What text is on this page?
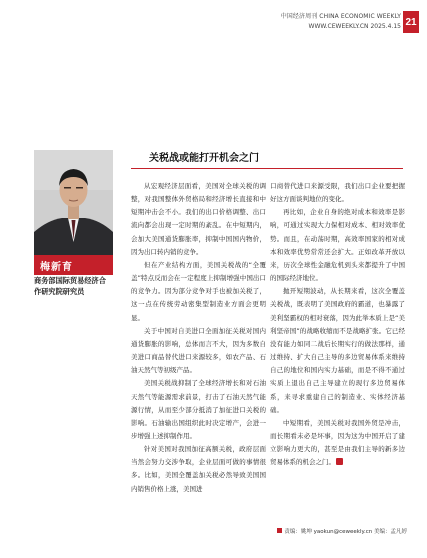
中国经济周刊 CHINA ECONOMIC WEEKLY
WWW.CEWEEKLY.CN 2025.4.15 21
梅新育
商务部国际贸易经济合作研究院研究员
关税战或能打开机会之门

从宏观经济层面看，美国对全球关税的调整，对我国整体外贸格局和经济增长直接和中短期冲击会不小。我们的出口价格调整、出口流向都会出现一定时期的紊乱。在中短期内，会加大美国通货膨胀率，抑制中国国内物价，因为出口转内销的竞争。

但在产业结构方面，美国关税战的“全覆盖”特点反而会在一定程度上抑制增强中国出口的竞争力。因为部分竞争对手也被加关税了，这一点在传统劳动密集型制造业方面会更明显。

关于中国对自美进口全面加征关税对国内通货膨胀的影响，总体而言不大，因为多数自美进口商品替代进口来源较多，如农产品、石油天然气等初级产品。

美国关税战抑制了全球经济增长和对石油天然气等能源需求前景，打击了石油天然气能源行情，从而至少部分抵消了加征进口关税的影响。石油输出国组织此时决定增产，会进一步增强上述抑制作用。

针对美国对我国加征高额关税，政府层面当然会努力交涉争取，企业层面可做的事情很多。比如，美国全覆盖加关税必然导致美国国内销售价格上涨，美国进

口商替代进口来源受限，我们出口企业要把握好这方面谈判地位的变化。

再比如，企业自身的绝对成本和效率是影响，可通过实现大力保相对成本、相对效率优势。而且，在动荡时期，高效率国家的相对成本和效率优势常常还会扩大。正如改革开放以来，历次全球性金融危机到头来都提升了中国的国际经济地位。

抛开短期波动，从长期来看，这次全覆盖关税战，既表明了美国政府的霸道，也暴露了美利坚霸权的相对衰落，因为此举本质上是“美利坚帝国”的战略收缩而不是战略扩张。它已经没有能力如同二战后长期实行的做法那样，通过维持、扩大自己主导的多边贸易体系来维持自己的地位和国内实力基础，而是不得不通过实质上退出自己主导建立的现行多边贸易体系，来寻求重建自己的制造业、实体经济基础。

中短期看，美国关税对我国外贸是冲击，而长期看未必是坏事，因为这为中国开启了建立影响力更大的，甚至是由我们主导的新多边贸易体系的机会之门。

责编：姚坤 yaokun@ceweekly.cn 美编：孟凡婷
